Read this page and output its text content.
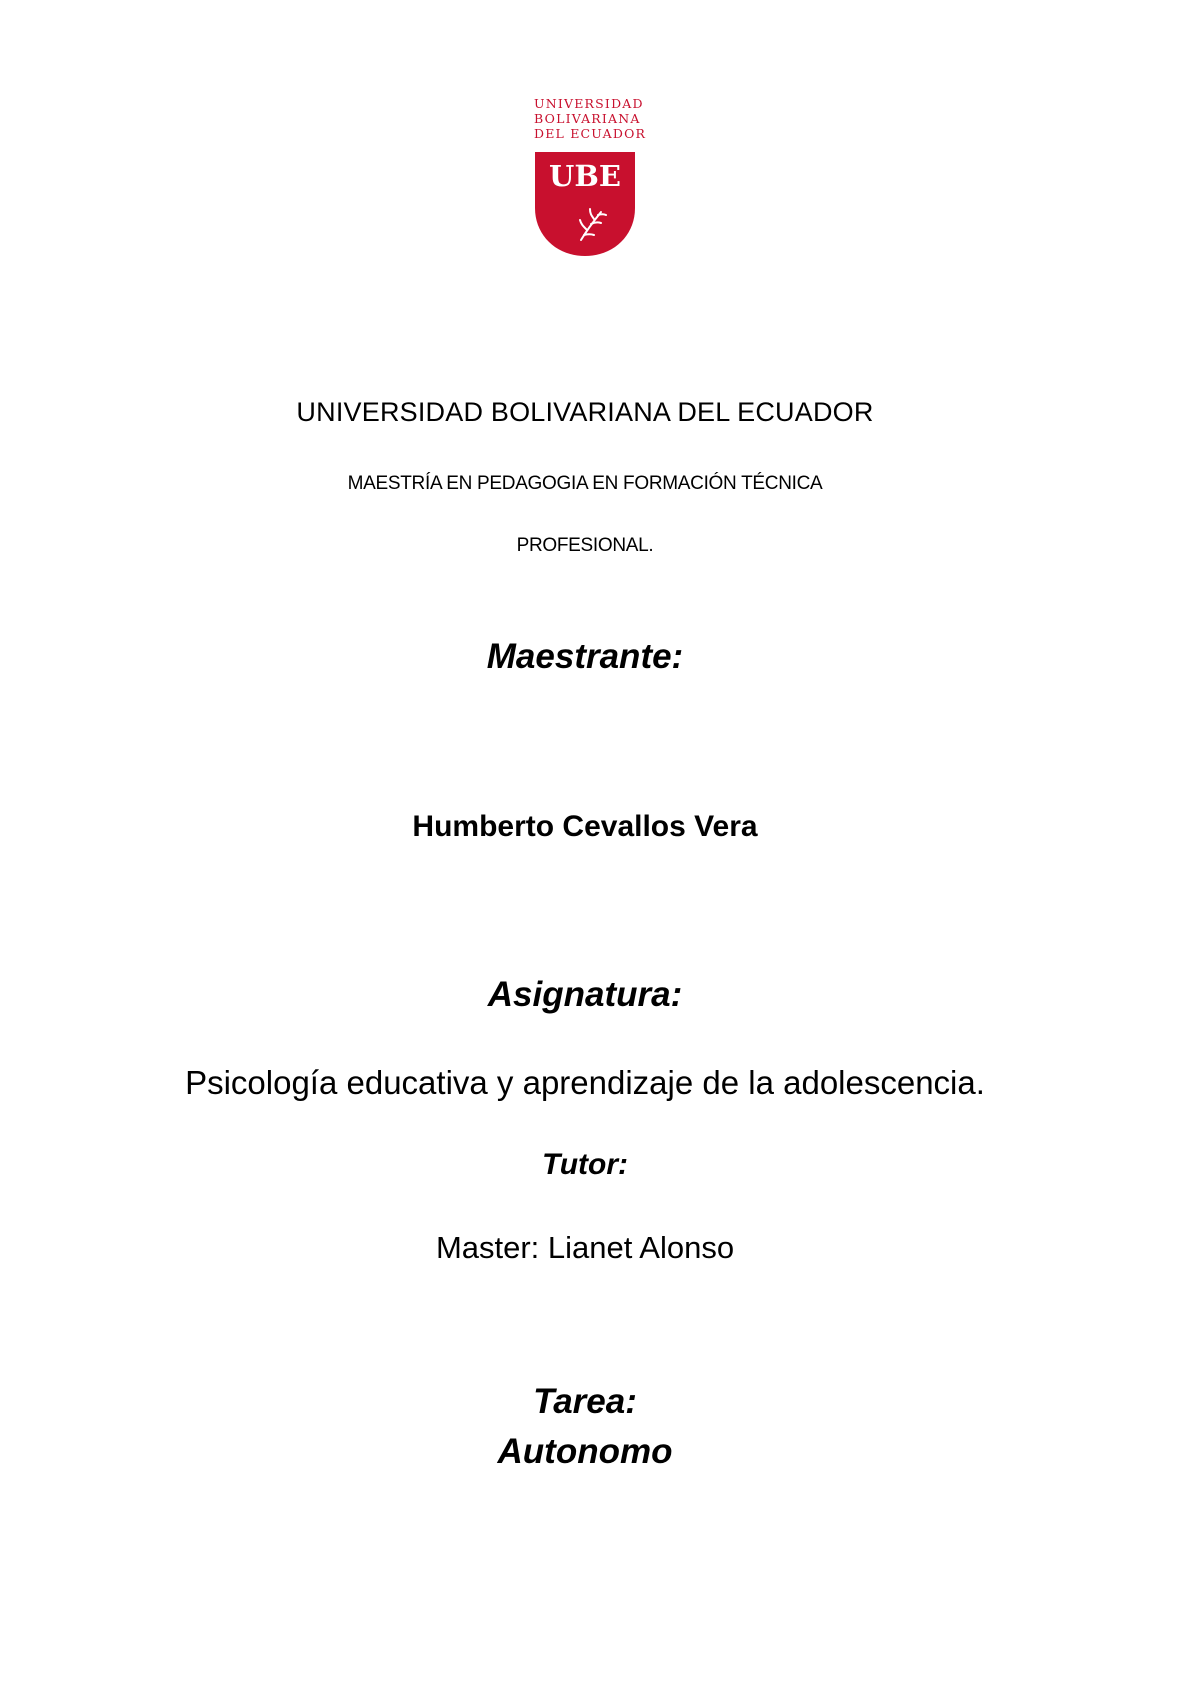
UNIVERSIDAD
BOLIVARIANA
DEL ECUADOR
UBE
UNIVERSIDAD BOLIVARIANA DEL ECUADOR
MAESTRÍA EN PEDAGOGIA EN FORMACIÓN TÉCNICA
PROFESIONAL.
Maestrante:
Humberto Cevallos Vera
Asignatura:
Psicología educativa y aprendizaje de la adolescencia.
Tutor:
Master: Lianet Alonso
Tarea:
Autonomo
